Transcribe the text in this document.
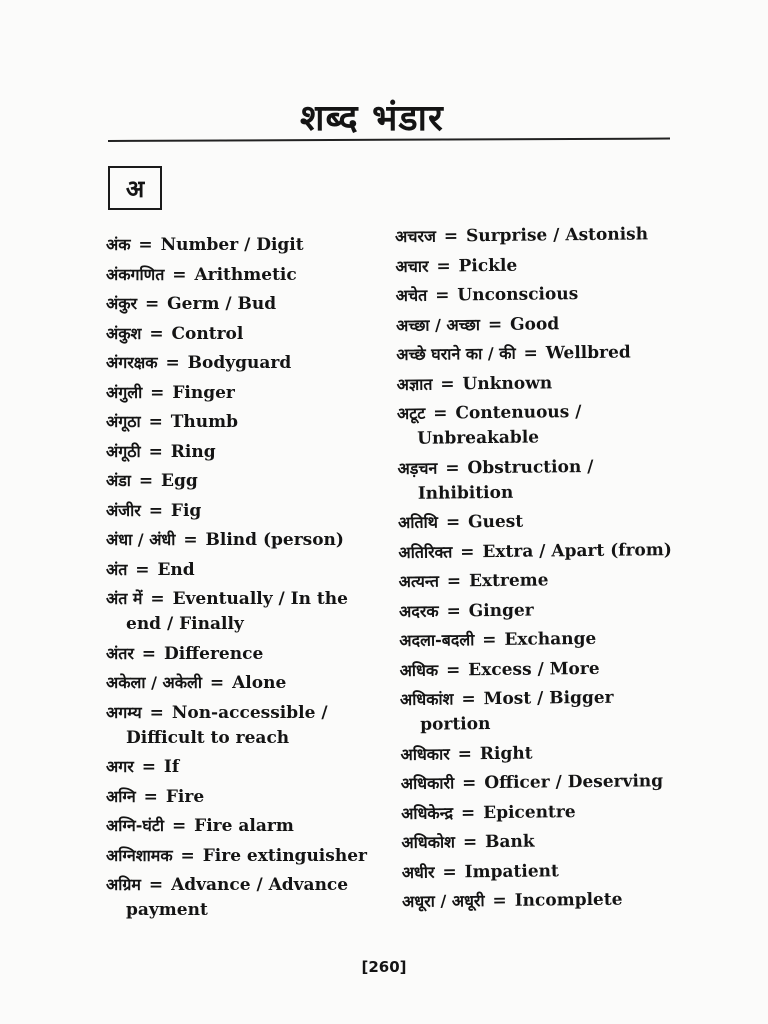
शब्द भंडार
अ
अंक = Number / Digit
अंकगणित = Arithmetic
अंकुर = Germ / Bud
अंकुश = Control
अंगरक्षक = Bodyguard
अंगुली = Finger
अंगूठा = Thumb
अंगूठी = Ring
अंडा = Egg
अंजीर = Fig
अंधा / अंधी = Blind (person)
अंत = End
अंत में = Eventually / In the
end / Finally
अंतर = Difference
अकेला / अकेली = Alone
अगम्य = Non-accessible /
Difficult to reach
अगर = If
अग्नि = Fire
अग्नि-घंटी = Fire alarm
अग्निशामक = Fire extinguisher
अग्रिम = Advance / Advance
payment
अचरज = Surprise / Astonish
अचार = Pickle
अचेत = Unconscious
अच्छा / अच्छा = Good
अच्छे घराने का / की = Wellbred
अज्ञात = Unknown
अटूट = Contenuous /
Unbreakable
अड़चन = Obstruction /
Inhibition
अतिथि = Guest
अतिरिक्त = Extra / Apart (from)
अत्यन्त = Extreme
अदरक = Ginger
अदला-बदली = Exchange
अधिक = Excess / More
अधिकांश = Most / Bigger
portion
अधिकार = Right
अधिकारी = Officer / Deserving
अधिकेन्द्र = Epicentre
अधिकोश = Bank
अधीर = Impatient
अधूरा / अधूरी = Incomplete
[260]
